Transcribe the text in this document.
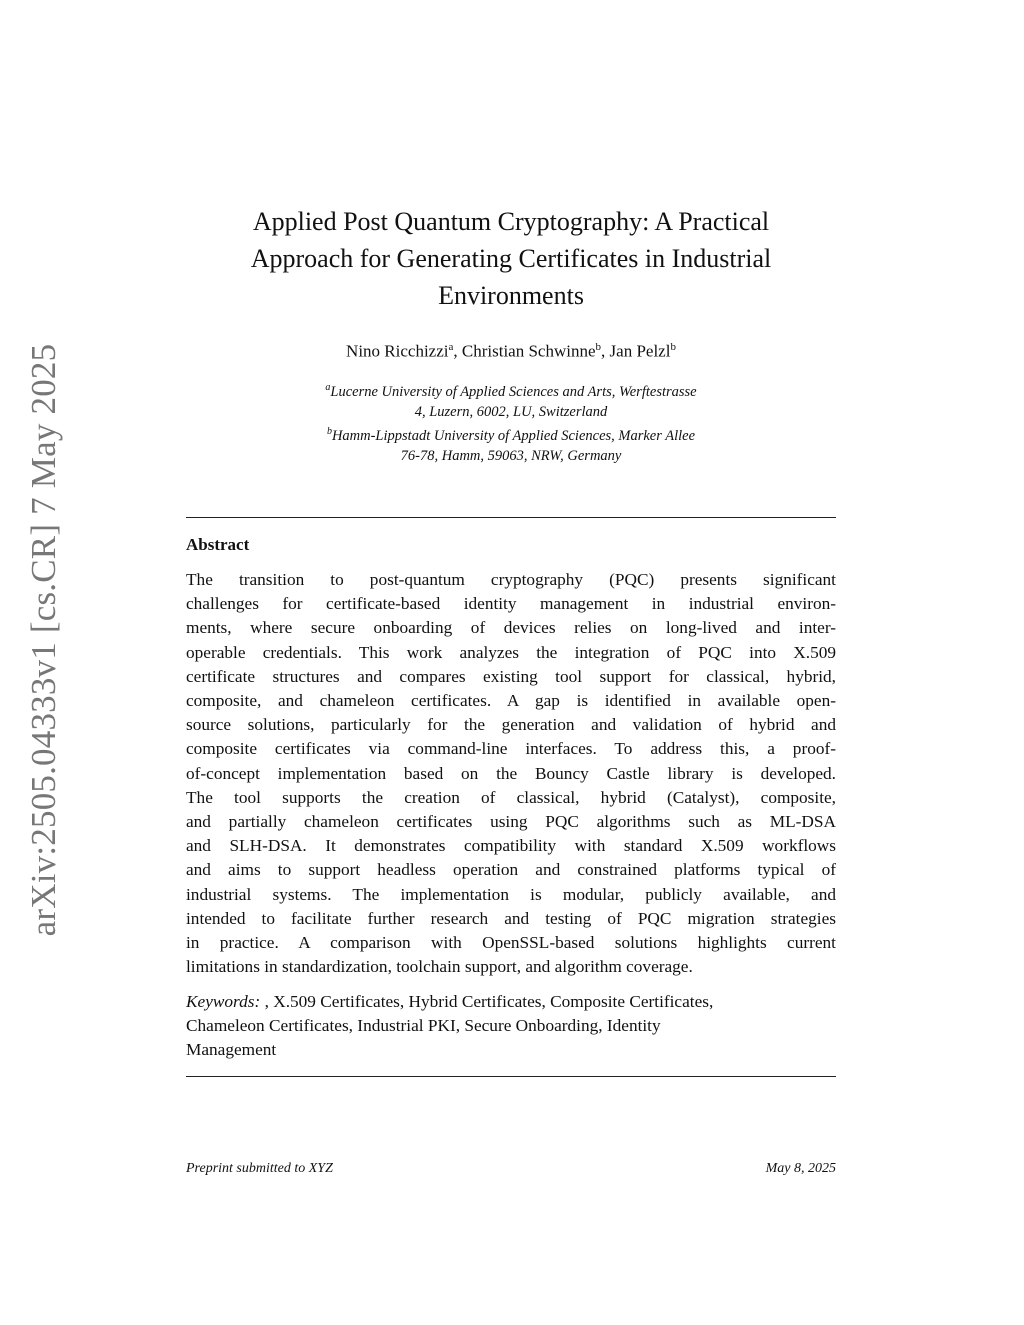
arXiv:2505.04333v1 [cs.CR] 7 May 2025
Applied Post Quantum Cryptography: A Practical
Approach for Generating Certificates in Industrial
Environments
Nino Ricchizzi$^a$, Christian Schwinne$^b$, Jan Pelzl$^b$
$^a$Lucerne University of Applied Sciences and Arts, Werftestrasse
4, Luzern, 6002, LU, Switzerland
$^b$Hamm-Lippstadt University of Applied Sciences, Marker Allee
76-78, Hamm, 59063, NRW, Germany
Abstract
The transition to post-quantum cryptography (PQC) presents significant
challenges for certificate-based identity management in industrial environ-
ments, where secure onboarding of devices relies on long-lived and inter-
operable credentials. This work analyzes the integration of PQC into X.509
certificate structures and compares existing tool support for classical, hybrid,
composite, and chameleon certificates. A gap is identified in available open-
source solutions, particularly for the generation and validation of hybrid and
composite certificates via command-line interfaces. To address this, a proof-
of-concept implementation based on the Bouncy Castle library is developed.
The tool supports the creation of classical, hybrid (Catalyst), composite,
and partially chameleon certificates using PQC algorithms such as ML-DSA
and SLH-DSA. It demonstrates compatibility with standard X.509 workflows
and aims to support headless operation and constrained platforms typical of
industrial systems. The implementation is modular, publicly available, and
intended to facilitate further research and testing of PQC migration strategies
in practice. A comparison with OpenSSL-based solutions highlights current
limitations in standardization, toolchain support, and algorithm coverage.
Keywords: , X.509 Certificates, Hybrid Certificates, Composite Certificates,
Chameleon Certificates, Industrial PKI, Secure Onboarding, Identity
Management
Preprint submitted to XYZ	May 8, 2025
